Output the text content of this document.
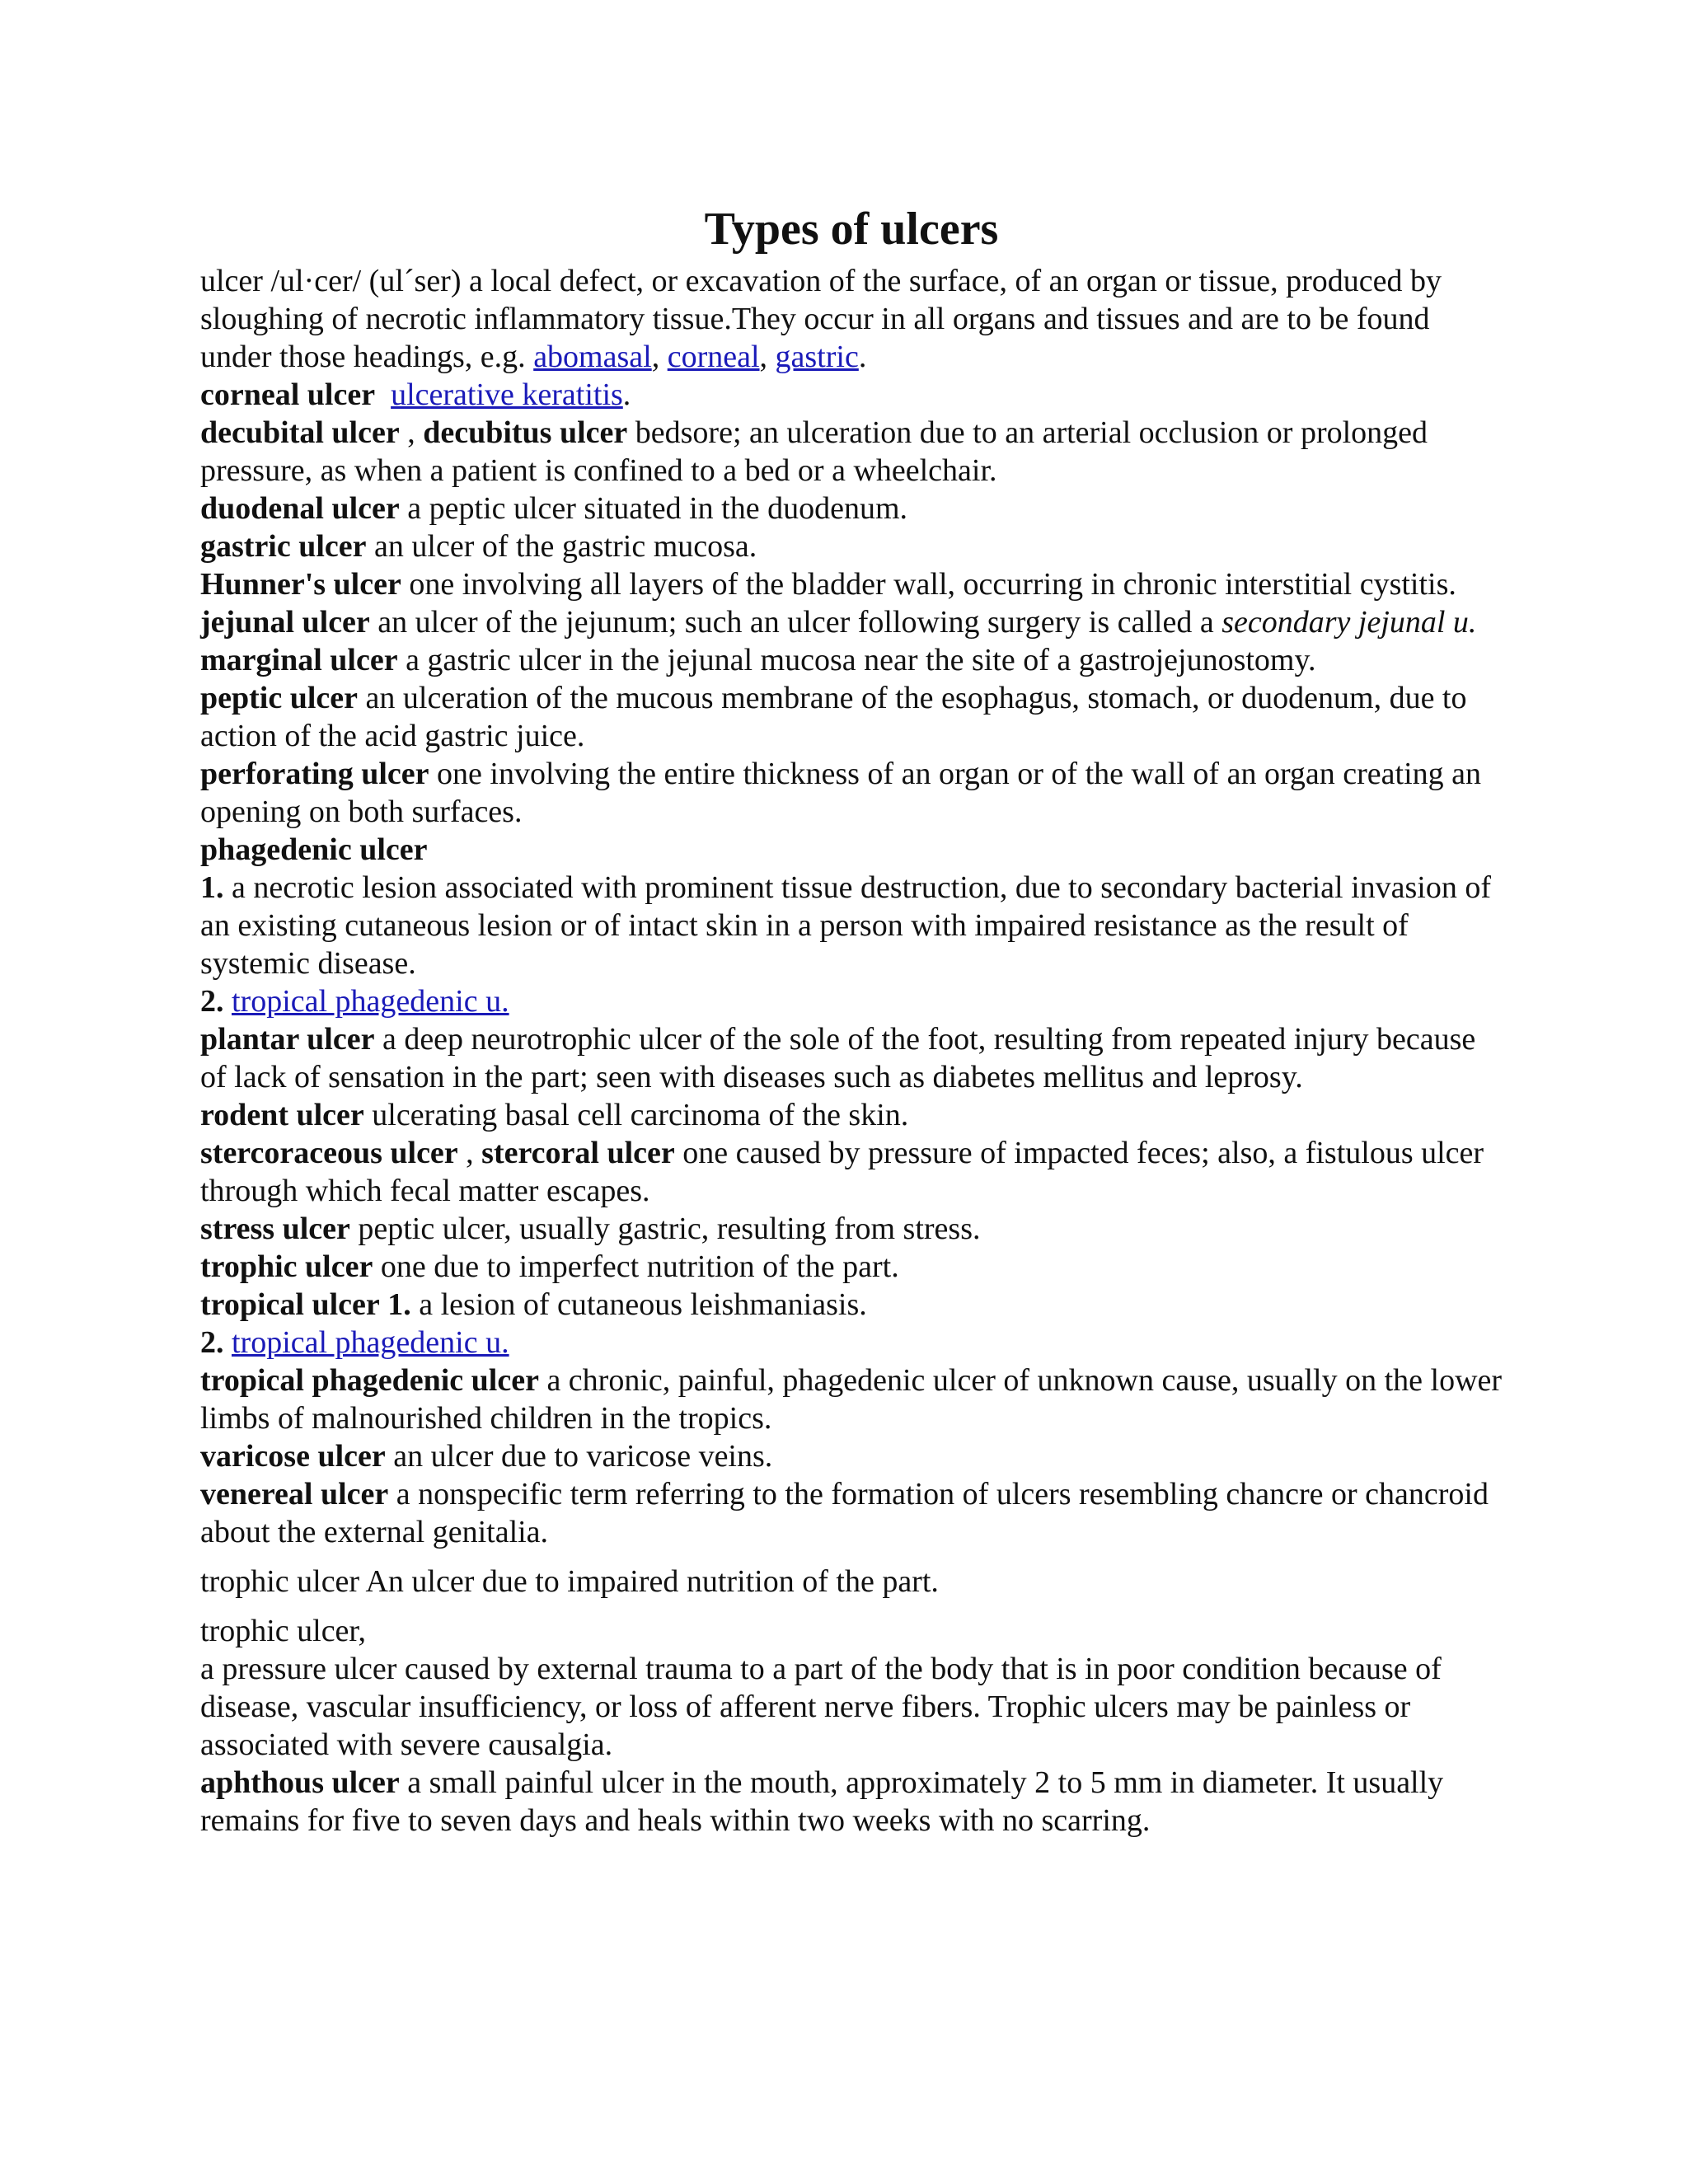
Types of ulcers

ulcer /ul·cer/ (ul´ser) a local defect, or excavation of the surface, of an organ or tissue, produced by sloughing of necrotic inflammatory tissue.They occur in all organs and tissues and are to be found under those headings, e.g. abomasal, corneal, gastric.

corneal ulcer ulcerative keratitis.

decubital ulcer , decubitus ulcer bedsore; an ulceration due to an arterial occlusion or prolonged pressure, as when a patient is confined to a bed or a wheelchair.

duodenal ulcer a peptic ulcer situated in the duodenum.

gastric ulcer an ulcer of the gastric mucosa.

Hunner's ulcer one involving all layers of the bladder wall, occurring in chronic interstitial cystitis.

jejunal ulcer an ulcer of the jejunum; such an ulcer following surgery is called a secondary jejunal u.

marginal ulcer a gastric ulcer in the jejunal mucosa near the site of a gastrojejunostomy.

peptic ulcer an ulceration of the mucous membrane of the esophagus, stomach, or duodenum, due to action of the acid gastric juice.

perforating ulcer one involving the entire thickness of an organ or of the wall of an organ creating an opening on both surfaces.

phagedenic ulcer

1. a necrotic lesion associated with prominent tissue destruction, due to secondary bacterial invasion of an existing cutaneous lesion or of intact skin in a person with impaired resistance as the result of systemic disease.

2. tropical phagedenic u.

plantar ulcer a deep neurotrophic ulcer of the sole of the foot, resulting from repeated injury because of lack of sensation in the part; seen with diseases such as diabetes mellitus and leprosy.

rodent ulcer ulcerating basal cell carcinoma of the skin.

stercoraceous ulcer , stercoral ulcer one caused by pressure of impacted feces; also, a fistulous ulcer through which fecal matter escapes.

stress ulcer peptic ulcer, usually gastric, resulting from stress.

trophic ulcer one due to imperfect nutrition of the part.

tropical ulcer 1. a lesion of cutaneous leishmaniasis.

2. tropical phagedenic u.

tropical phagedenic ulcer a chronic, painful, phagedenic ulcer of unknown cause, usually on the lower limbs of malnourished children in the tropics.

varicose ulcer an ulcer due to varicose veins.

venereal ulcer a nonspecific term referring to the formation of ulcers resembling chancre or chancroid about the external genitalia.

trophic ulcer An ulcer due to impaired nutrition of the part.

trophic ulcer,

a pressure ulcer caused by external trauma to a part of the body that is in poor condition because of disease, vascular insufficiency, or loss of afferent nerve fibers. Trophic ulcers may be painless or associated with severe causalgia.

aphthous ulcer a small painful ulcer in the mouth, approximately 2 to 5 mm in diameter. It usually remains for five to seven days and heals within two weeks with no scarring.
